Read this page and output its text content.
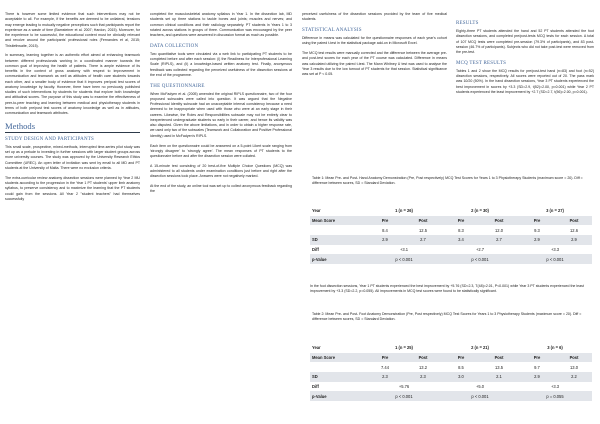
There is however some limited evidence that such interventions may not be acceptable to all. For example, if the benefits are deemed to be unilateral, tensions may emerge leading to mutually negative perceptions such that participants report the experience as a waste of time (Bamsteiner et al. 2007; Hardon, 2015). Moreover, for the experience to be successful, the educational content must be clinically relevant and revolve around the participants' professional roles (Fernandes et al, 2015; Thistlethwaite, 2015).

In summary, learning together is an authentic effort aimed at enhancing teamwork between different professionals working in a coordinated manner towards the common goal of improving the health of patients. There is ample evidence of its benefits in the context of gross anatomy with respect to improvement in communication and teamwork as well as attitudes of health care students towards each other, and a smaller body of evidence that it improves pre/post test scores of anatomy knowledge by faculty. However, there have been no previously published studies of such interventions by students for students that explore both knowledge and attitudinal scores. The purpose of this study was to examine the effectiveness of peer-to-peer teaching and learning between medical and physiotherapy students in terms of both pre/post test scores of anatomy knowledge as well as in attitudes, communication and teamwork attributes.

Methods
STUDY DESIGN AND PARTICIPANTS

This small scale, prospective, mixed-methods, interrupted time-series pilot study was set up as a prelude to investing in further sessions with larger student groups across more university courses. The study was approved by the University Research Ethics Committee (UREC). An open letter of invitation was sent by email to all MD and PT students at the University of Malta. There were no exclusion criteria.

The extra-curricular review anatomy dissection sessions were planned by Year 2 MU students according to the progression in the Year 1 PT students' upper limb anatomy syllabus, to preserve consistency and to maximize the learning that the PT students could gain from the sessions. All Year 2 "student teachers" had themselves successfully

completed the musculoskeletal anatomy syllabus in Year 1. In the dissection lab, MD students set up three stations to tackle bones and joints; muscles and nerves; and common clinical conditions and their radiology separately. PT students in Years 1 to 3 rotated across stations in groups of three. Communication was encouraged by the peer teachers, and questions were answered in discussion format as much as possible.

DATA COLLECTION

Two quantitative tools were circulated via a web link to participating PT students to be completed before and after each session: (i) the Readiness for Interprofessional Learning Scale (RIPLS), and (ii) a knowledge-based written anatomy test. Finally, anonymous feedback was collected regarding the perceived usefulness of the dissection sessions at the end of the programme.

THE QUESTIONNAIRE

When McFadyen et al. (2005) amended the original RIPLS questionnaire, two of the four proposed subscales were called into question. It was argued that the Negative Professional Identity subscale had an unacceptable internal consistency because a need deemed to be inappropriate when used with those who were at an early stage in their careers. Likewise, the Roles and Responsibilities subscale may not be entirely clear to inexperienced undergraduate students so early in their career, and hence its validity was also disputed. Given the above limitations, and in order to obtain a higher response rate, we used only two of the subscales (Teamwork and Collaboration and Positive Professional Identity) used in McFadyen's RIPLS.

Each item on the questionnaire could be answered on a 5-point Likert scale ranging from 'strongly disagree' to 'strongly agree'. The mean responses of PT students to the questionnaire before and after the dissection session were collated.

A 15-minute test consisting of 20 best-of-five Multiple Choice Questions (MCQ) was administered to all students under examination conditions just before and right after the dissection sessions took place. Answers were not negatively marked.

At the end of the study, an online tool was set up to collect anonymous feedback regarding the

perceived usefulness of the dissection sessions provided by the team of five medical students.

STATISTICAL ANALYSIS

Difference in means was calculated for the questionnaire responses of each year's cohort using the paired t-test in the statistical package add-on in Microsoft Excel.

The MCQ test results were manually corrected and the difference between the average pre- and post-test scores for each year of the PT course was calculated. Difference in means was calculated utilizing the paired t-test. The Mann Whitney U test was used to analyse the Year 3 results due to the low turnout of PT students for that session. Statistical significance was set at P < 0.05.

RESULTS

Eighty-three PT students attended the hand and 52 PT students attended the foot dissection sessions, and completed pre/post-tests MCQ tests for each session. A total of 107 MCQ tests were completed pre-session (79.3% of participants), and 83 post-session (46.7% of participants). Subjects who did not take post-test were removed from the pre-test.

MCQ TEST RESULTS

Tables 1 and 2 show the MCQ results for pre/post-test hand (n=83) and foot (n=52) dissection sessions, respectively. All scores were reported out of 20. The pass mark was 10/20 (50%). In the hand dissection sessions, Year 3 PT students experienced the best improvement in scores by +3.3 (SD=2.9, t(52)=2.00, p=0.001) while Year 2 PT students experienced the least improvement by +2.7 (SD=2.7, t(56)=2.00, p=0.001).

Table 1: Mean Pre- and Post- Hand Anatomy Demonstration (Pre, Post respectively) MCQ Test Scores for Years 1 to 3 Physiotherapy Students (maximum score = 20). Diff = difference between scores, SD = Standard Deviation.
Year	1 (n = 26)		2 (n = 30)		3 (n = 27)	
Mean Score	Pre	Post	Pre	Post	Pre	Post
	8.4	12.5	8.3	12.0	9.3	12.6
SD	2.9	2.7	3.4	2.7	2.9	2.9
Diff	+3.1		+2.7		+3.3	
p-Value	p < 0.001		p < 0.001		p < 0.001	
In the foot dissection sessions, Year 1 PT students experienced the best improvement by +5.76 (SD=2.3, T(48)=2.01, P<0.001) while Year 3 PT students experienced the least improvement by +3.3 (SD=2.2, p=0.055). All improvements in MCQ test scores were found to be statistically significant.
Table 2: Mean Pre- and Post- Foot Anatomy Demonstration (Pre, Post respectively) MCQ Test Scores for Years 1 to 3 Physiotherapy Students (maximum score = 20). Diff = difference between scores, SD = Standard Deviation.
Year	1 (n = 25)		2 (n = 21)		3 (n = 6)	
Mean Score	Pre	Post	Pre	Post	Pre	Post
	7.44	13.2	8.5	13.5	9.7	13.0
SD	2.3	2.3	3.0	2.1	2.9	2.2
Diff	+5.76		+5.0		+3.3	
p-Value	p < 0.001		p < 0.001		p = 0.055	
